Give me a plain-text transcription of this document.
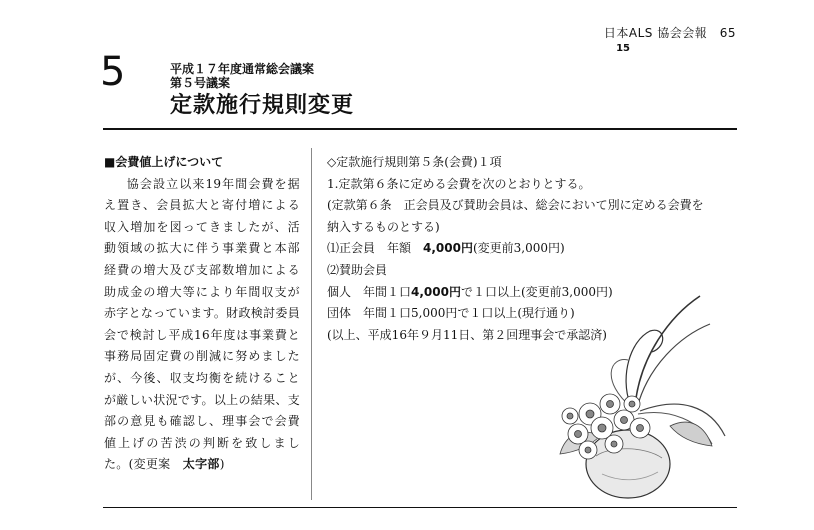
日本ALS 協会会報　65
15
5	平成１７年度通常総会議案
第５号議案
定款施行規則変更
■会費値上げについて

協会設立以来19年間会費を据え置き、会員拡大と寄付増による収入増加を図ってきましたが、活動領域の拡大に伴う事業費と本部経費の増大及び支部数増加による助成金の増大等により年間収支が赤字となっています。財政検討委員会で検討し平成16年度は事業費と事務局固定費の削減に努めましたが、今後、収支均衡を続けることが厳しい状況です。以上の結果、支部の意見も確認し、理事会で会費値上げの苦渋の判断を致しました。(変更案　太字部)

◇定款施行規則第５条(会費)１項
1.定款第６条に定める会費を次のとおりとする。
(定款第６条　正会員及び賛助会員は、総会において別に定める会費を
納入するものとする)
⑴正会員　年額　4,000円(変更前3,000円)
⑵賛助会員
個人　年間１口4,000円で１口以上(変更前3,000円)
団体　年間１口5,000円で１口以上(現行通り)
(以上、平成16年９月11日、第２回理事会で承認済)
